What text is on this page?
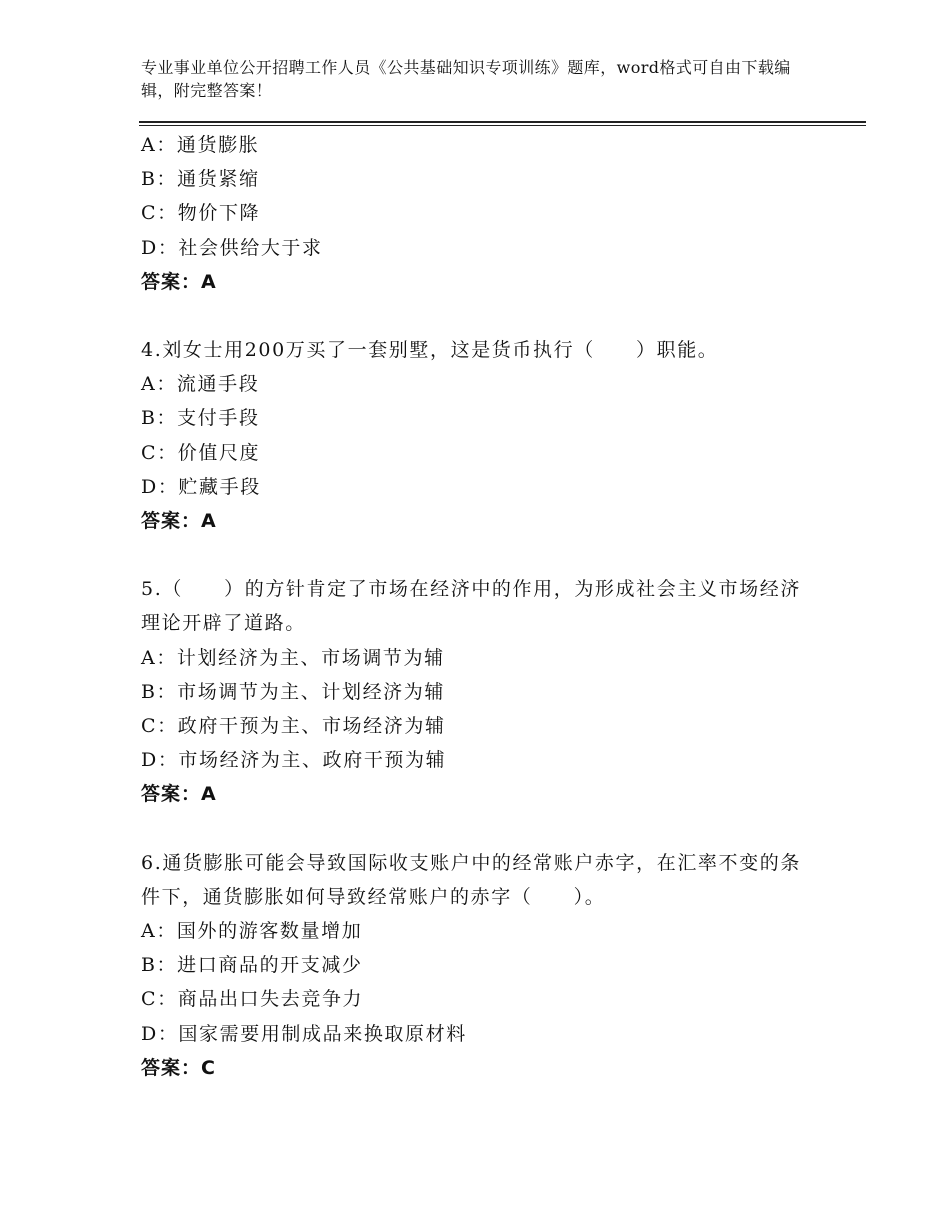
专业事业单位公开招聘工作人员《公共基础知识专项训练》题库，word格式可自由下载编辑，附完整答案！
A：通货膨胀
B：通货紧缩
C：物价下降
D：社会供给大于求
答案：A
4.刘女士用200万买了一套别墅，这是货币执行（　　）职能。
A：流通手段
B：支付手段
C：价值尺度
D：贮藏手段
答案：A
5.（　　）的方针肯定了市场在经济中的作用，为形成社会主义市场经济理论开辟了道路。
A：计划经济为主、市场调节为辅
B：市场调节为主、计划经济为辅
C：政府干预为主、市场经济为辅
D：市场经济为主、政府干预为辅
答案：A
6.通货膨胀可能会导致国际收支账户中的经常账户赤字，在汇率不变的条件下，通货膨胀如何导致经常账户的赤字（　　）。
A：国外的游客数量增加
B：进口商品的开支减少
C：商品出口失去竞争力
D：国家需要用制成品来换取原材料
答案：C
